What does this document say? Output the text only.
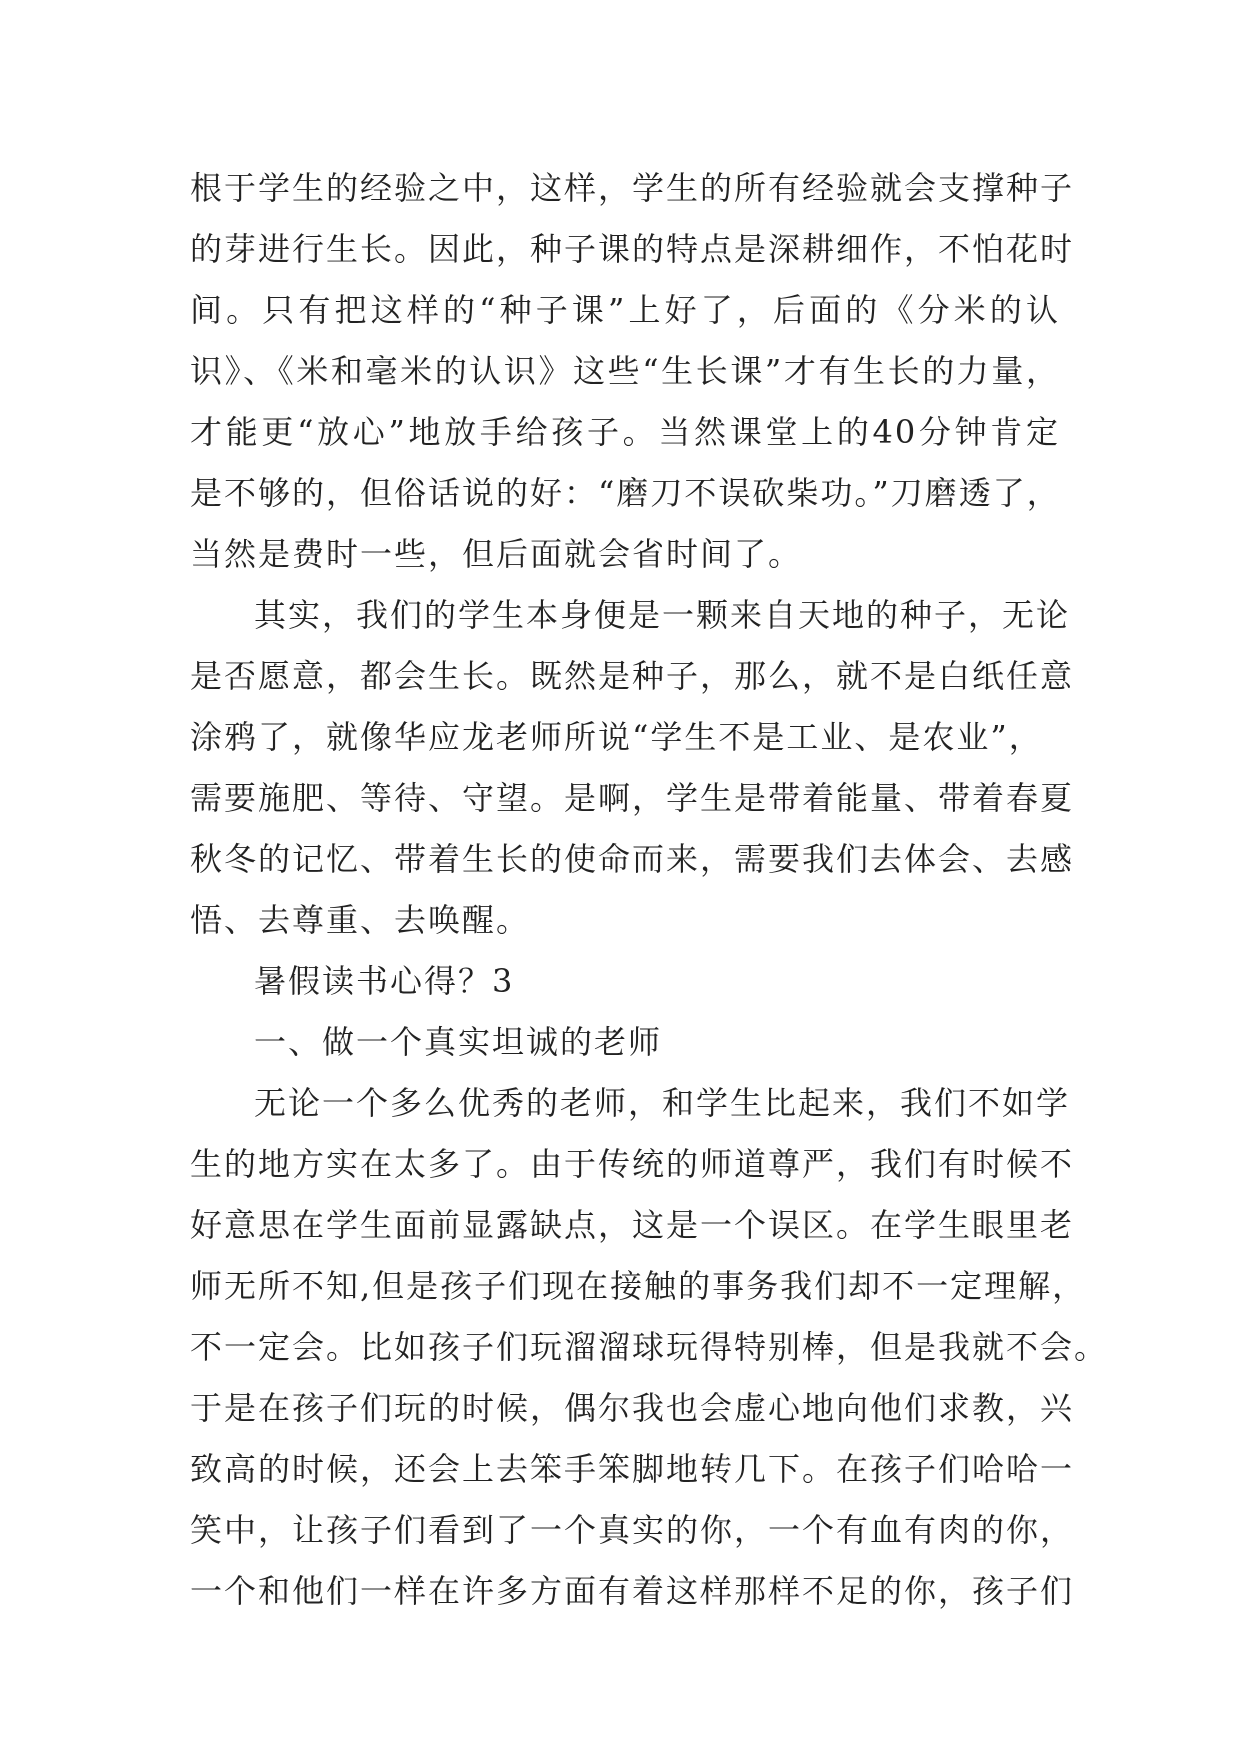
根于学生的经验之中，这样，学生的所有经验就会支撑种子
的芽进行生长。因此，种子课的特点是深耕细作，不怕花时
间。只有把这样的“种子课”上好了，后面的《分米的认
识》、《米和毫米的认识》这些“生长课”才有生长的力量，
才能更“放心”地放手给孩子。当然课堂上的40分钟肯定
是不够的，但俗话说的好：“磨刀不误砍柴功。”刀磨透了，
当然是费时一些，但后面就会省时间了。
其实，我们的学生本身便是一颗来自天地的种子，无论
是否愿意，都会生长。既然是种子，那么，就不是白纸任意
涂鸦了，就像华应龙老师所说“学生不是工业、是农业”，
需要施肥、等待、守望。是啊，学生是带着能量、带着春夏
秋冬的记忆、带着生长的使命而来，需要我们去体会、去感
悟、去尊重、去唤醒。
暑假读书心得？3
一、做一个真实坦诚的老师
无论一个多么优秀的老师，和学生比起来，我们不如学
生的地方实在太多了。由于传统的师道尊严，我们有时候不
好意思在学生面前显露缺点，这是一个误区。在学生眼里老
师无所不知,但是孩子们现在接触的事务我们却不一定理解，
不一定会。比如孩子们玩溜溜球玩得特别棒，但是我就不会。
于是在孩子们玩的时候，偶尔我也会虚心地向他们求教，兴
致高的时候，还会上去笨手笨脚地转几下。在孩子们哈哈一
笑中，让孩子们看到了一个真实的你，一个有血有肉的你，
一个和他们一样在许多方面有着这样那样不足的你，孩子们
